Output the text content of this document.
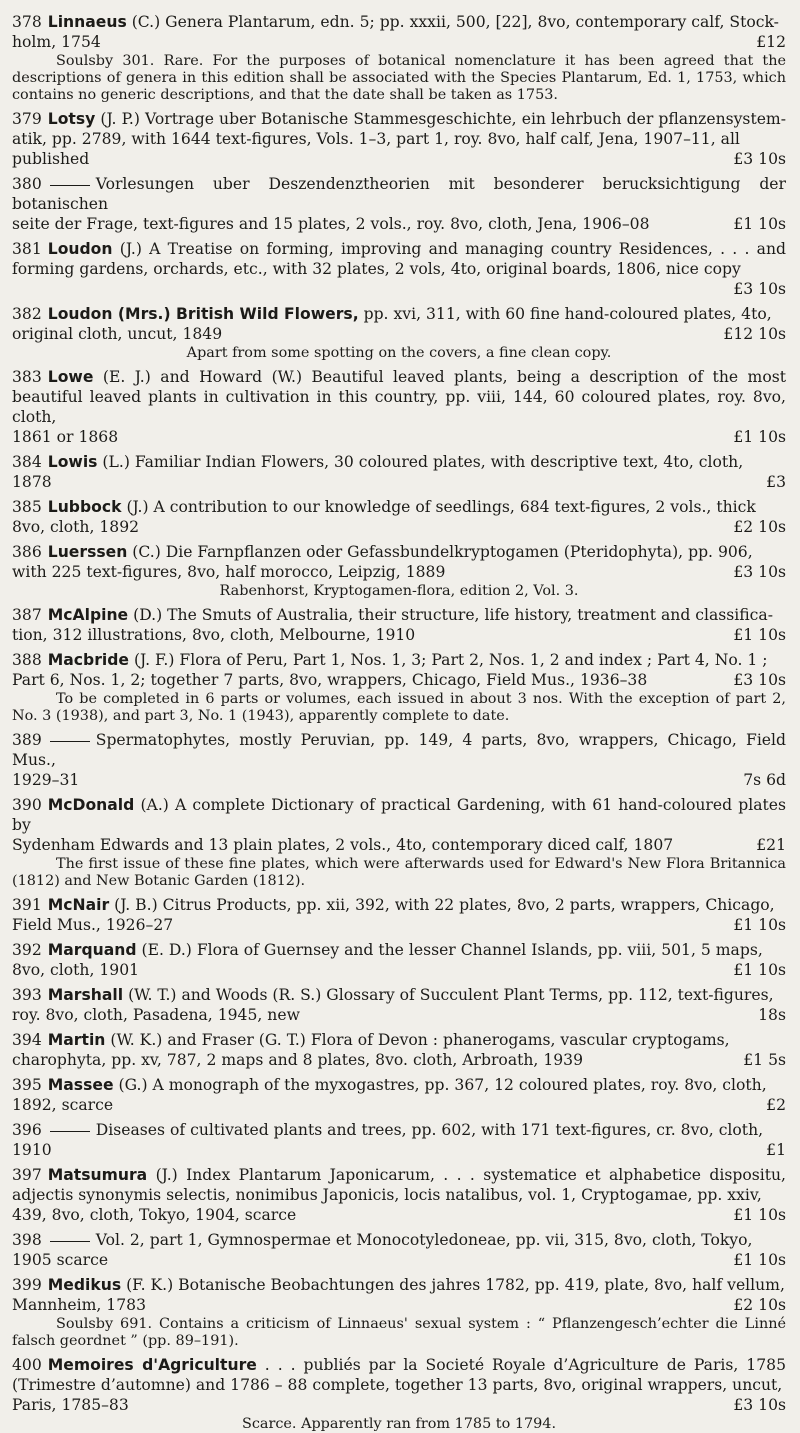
378 Linnaeus (C.) Genera Plantarum, edn. 5; pp. xxxii, 500, [22], 8vo, contemporary calf, Stock-
holm, 1754	£12
Soulsby 301. Rare. For the purposes of botanical nomenclature it has been agreed that the descriptions of genera in this edition shall be associated with the Species Plantarum, Ed. 1, 1753, which contains no generic descriptions, and that the date shall be taken as 1753.
379 Lotsy (J. P.) Vortrage uber Botanische Stammesgeschichte, ein lehrbuch der pflanzensystem-atik, pp. 2789, with 1644 text-figures, Vols. 1–3, part 1, roy. 8vo, half calf, Jena, 1907–11, all
published	£3 10s
380	Vorlesungen uber Deszendenztheorien mit besonderer berucksichtigung der botanischen
seite der Frage, text-figures and 15 plates, 2 vols., roy. 8vo, cloth, Jena, 1906–08	£1 10s
381 Loudon (J.) A Treatise on forming, improving and managing country Residences, . . . and forming gardens, orchards, etc., with 32 plates, 2 vols, 4to, original boards, 1806, nice copy
£3 10s
382 Loudon (Mrs.) British Wild Flowers, pp. xvi, 311, with 60 fine hand-coloured plates, 4to,
original cloth, uncut, 1849	£12 10s
Apart from some spotting on the covers, a fine clean copy.
383 Lowe (E. J.) and Howard (W.) Beautiful leaved plants, being a description of the most beautiful leaved plants in cultivation in this country, pp. viii, 144, 60 coloured plates, roy. 8vo, cloth,
1861 or 1868	£1 10s
384 Lowis (L.) Familiar Indian Flowers, 30 coloured plates, with descriptive text, 4to, cloth,
1878	£3
385 Lubbock (J.) A contribution to our knowledge of seedlings, 684 text-figures, 2 vols., thick
8vo, cloth, 1892	£2 10s
386 Luerssen (C.) Die Farnpflanzen oder Gefassbundelkryptogamen (Pteridophyta), pp. 906,
with 225 text-figures, 8vo, half morocco, Leipzig, 1889	£3 10s
Rabenhorst, Kryptogamen-flora, edition 2, Vol. 3.
387 McAlpine (D.) The Smuts of Australia, their structure, life history, treatment and classifica-
tion, 312 illustrations, 8vo, cloth, Melbourne, 1910	£1 10s
388 Macbride (J. F.) Flora of Peru, Part 1, Nos. 1, 3; Part 2, Nos. 1, 2 and index ; Part 4, No. 1 ;
Part 6, Nos. 1, 2; together 7 parts, 8vo, wrappers, Chicago, Field Mus., 1936–38	£3 10s
To be completed in 6 parts or volumes, each issued in about 3 nos. With the exception of part 2, No. 3 (1938), and part 3, No. 1 (1943), apparently complete to date.
389	Spermatophytes, mostly Peruvian, pp. 149, 4 parts, 8vo, wrappers, Chicago, Field Mus.,
1929–31	7s 6d
390 McDonald (A.) A complete Dictionary of practical Gardening, with 61 hand-coloured plates by
Sydenham Edwards and 13 plain plates, 2 vols., 4to, contemporary diced calf, 1807	£21
The first issue of these fine plates, which were afterwards used for Edward's New Flora Britannica (1812) and New Botanic Garden (1812).
391 McNair (J. B.) Citrus Products, pp. xii, 392, with 22 plates, 8vo, 2 parts, wrappers, Chicago,
Field Mus., 1926–27	£1 10s
392 Marquand (E. D.) Flora of Guernsey and the lesser Channel Islands, pp. viii, 501, 5 maps,
8vo, cloth, 1901	£1 10s
393 Marshall (W. T.) and Woods (R. S.) Glossary of Succulent Plant Terms, pp. 112, text-figures,
roy. 8vo, cloth, Pasadena, 1945, new	18s
394 Martin (W. K.) and Fraser (G. T.) Flora of Devon : phanerogams, vascular cryptogams,
charophyta, pp. xv, 787, 2 maps and 8 plates, 8vo. cloth, Arbroath, 1939	£1 5s
395 Massee (G.) A monograph of the myxogastres, pp. 367, 12 coloured plates, roy. 8vo, cloth,
1892, scarce	£2
396	Diseases of cultivated plants and trees, pp. 602, with 171 text-figures, cr. 8vo, cloth,
1910	£1
397 Matsumura (J.) Index Plantarum Japonicarum, . . . systematice et alphabetice dispositu, adjectis synonymis selectis, nonimibus Japonicis, locis natalibus, vol. 1, Cryptogamae, pp. xxiv,
439, 8vo, cloth, Tokyo, 1904, scarce	£1 10s
398	Vol. 2, part 1, Gymnospermae et Monocotyledoneae, pp. vii, 315, 8vo, cloth, Tokyo,
1905 scarce	£1 10s
399 Medikus (F. K.) Botanische Beobachtungen des jahres 1782, pp. 419, plate, 8vo, half vellum,
Mannheim, 1783	£2 10s
Soulsby 691. Contains a criticism of Linnaeus' sexual system : “ Pflanzengesch’echter die Linné falsch geordnet ” (pp. 89–191).
400 Memoires d'Agriculture . . . publiés par la Societé Royale d’Agriculture de Paris, 1785 (Trimestre d’automne) and 1786 – 88 complete, together 13 parts, 8vo, original wrappers, uncut,
Paris, 1785–83	£3 10s
Scarce. Apparently ran from 1785 to 1794.
